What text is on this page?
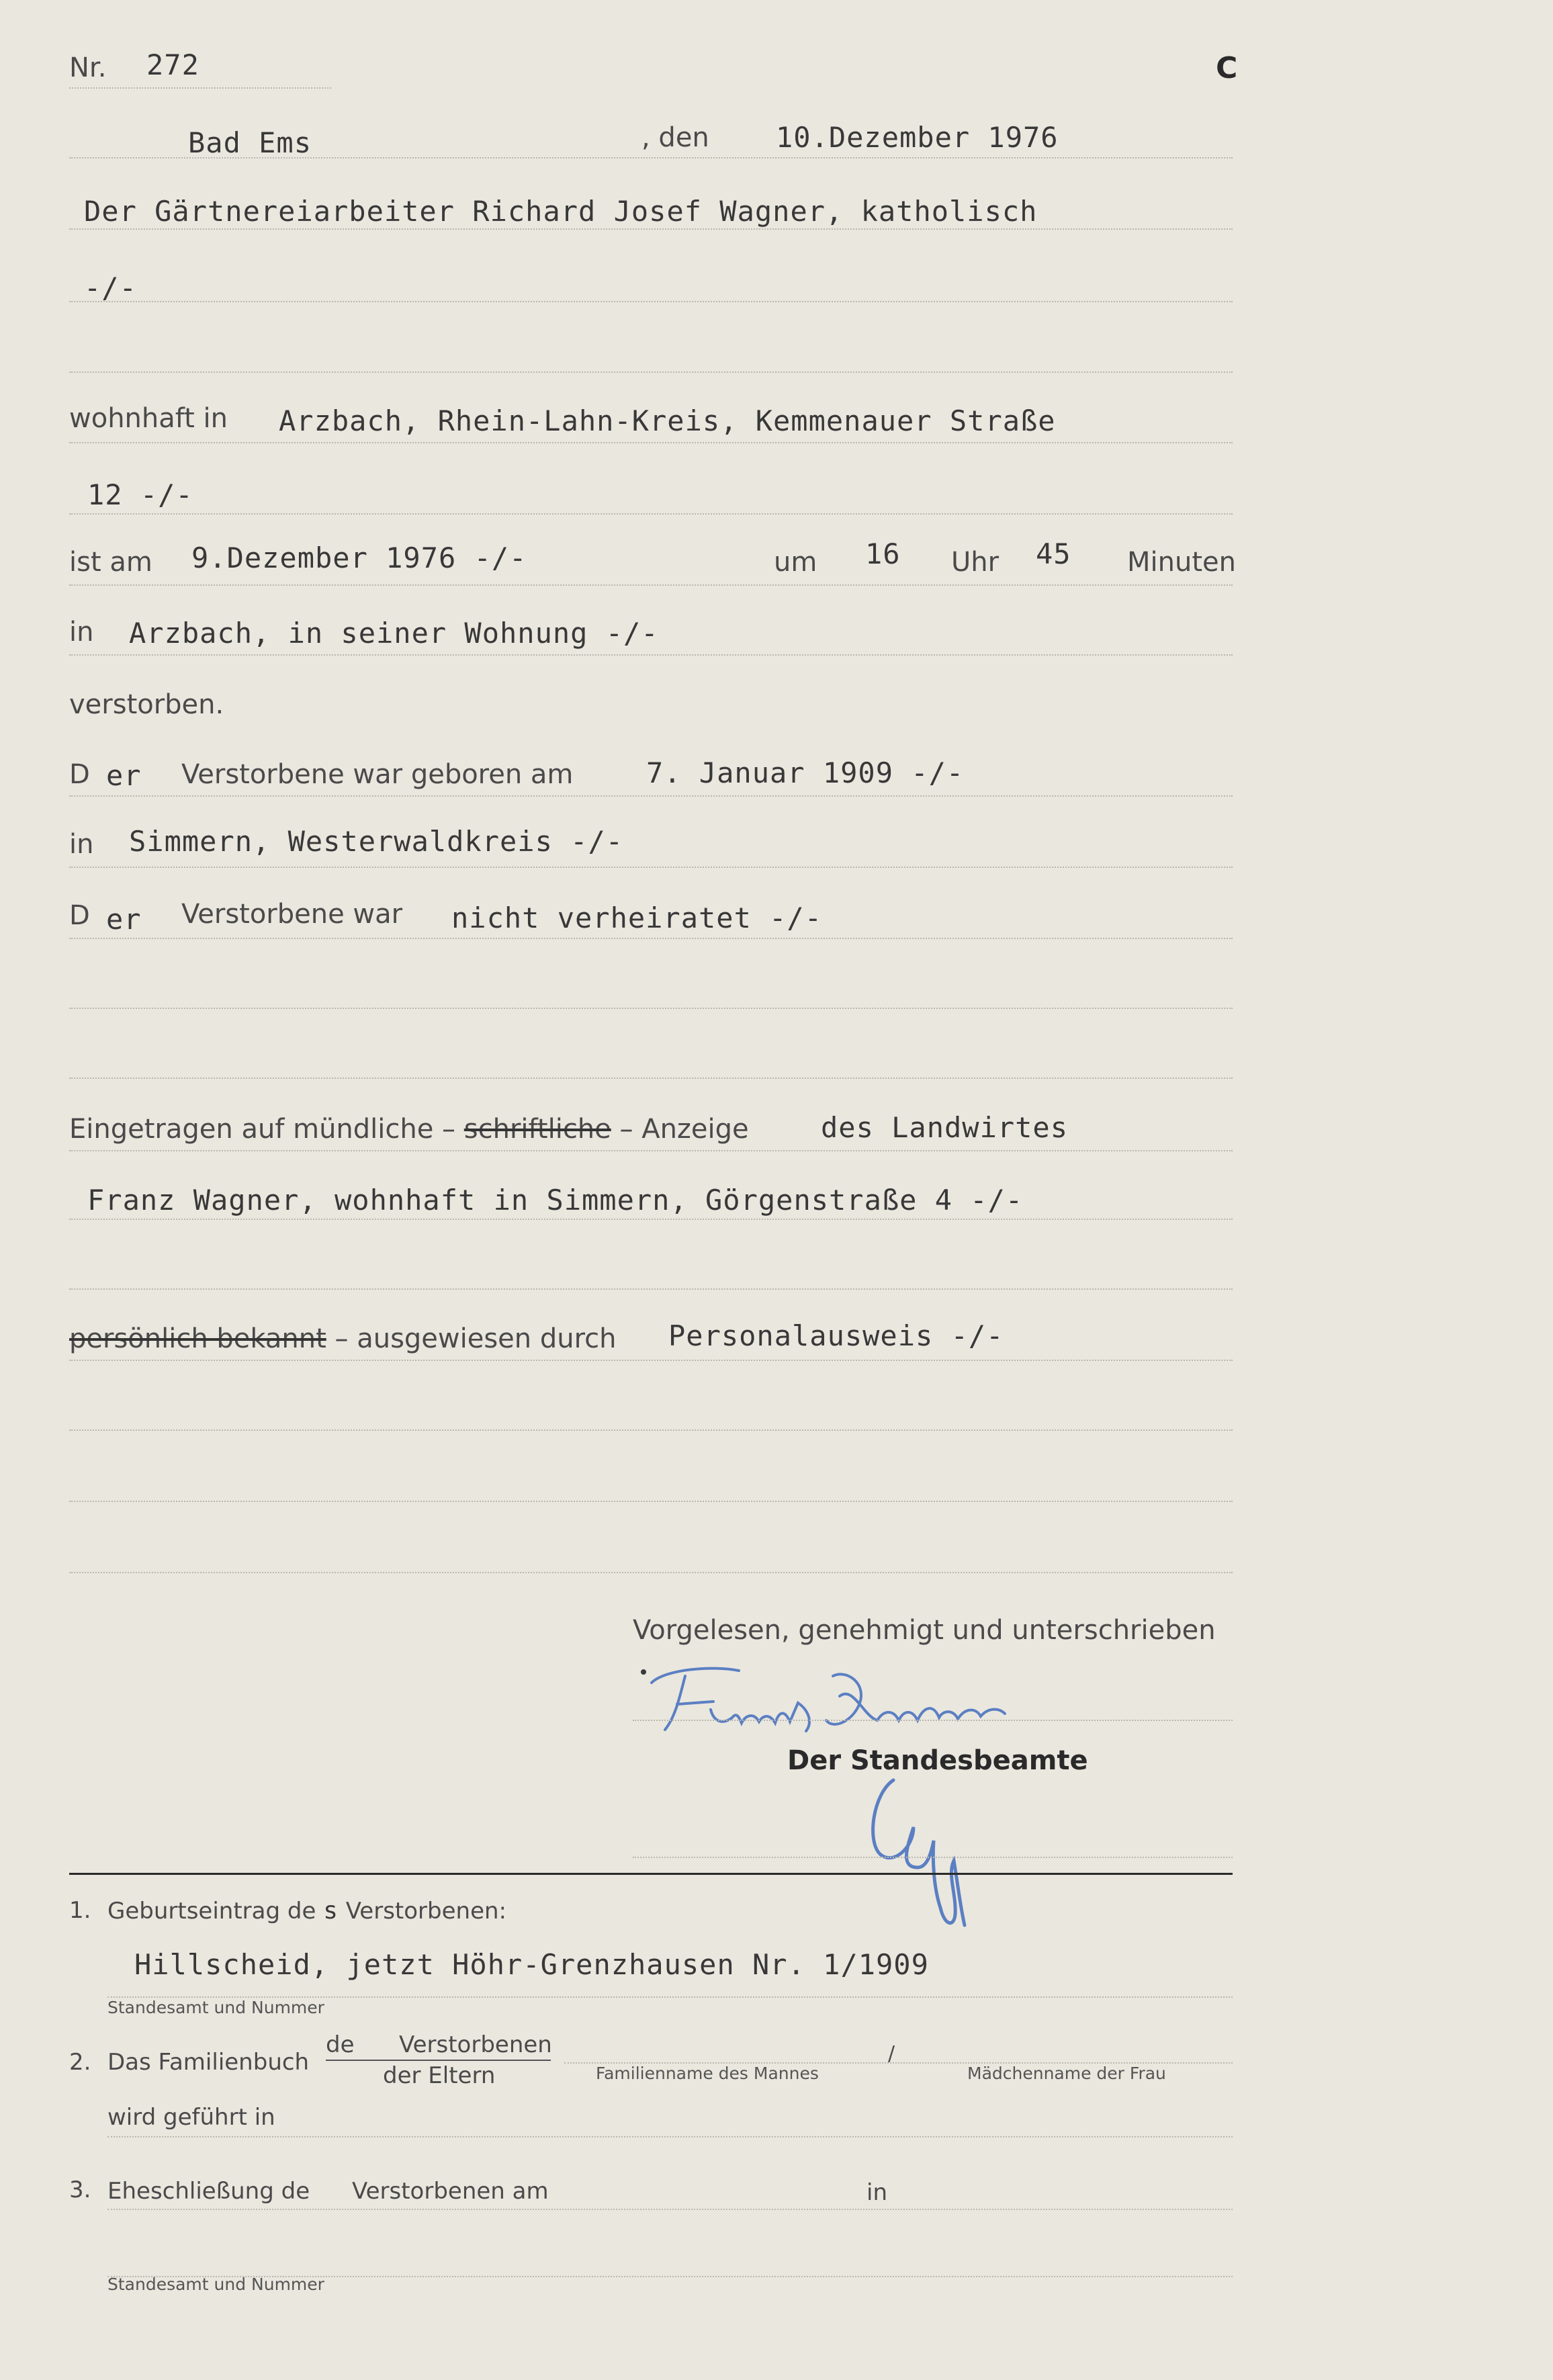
Nr. 272	C
Bad Ems	, den 10.Dezember 1976
Der Gärtnereiarbeiter Richard Josef Wagner, katholisch
-/-
wohnhaft in Arzbach, Rhein-Lahn-Kreis, Kemmenauer Straße
12 -/-
ist am 9.Dezember 1976 -/-	um 16 Uhr 45 Minuten
in Arzbach, in seiner Wohnung -/-
verstorben.
D er Verstorbene war geboren am	7. Januar 1909 -/-
in Simmern, Westerwaldkreis -/-
D er Verstorbene war nicht verheiratet -/-
Eingetragen auf mündliche – schriftliche – Anzeige	des Landwirtes
Franz Wagner, wohnhaft in Simmern, Görgenstraße 4 -/-
persönlich bekannt – ausgewiesen durch Personalausweis -/-
Vorgelesen, genehmigt und unterschrieben
Der Standesbeamte
1. Geburtseintrag de s Verstorbenen:
Hillscheid, jetzt Höhr-Grenzhausen Nr. 1/1909
Standesamt und Nummer
2. Das Familienbuch
de Verstorbenen
der Eltern	Familienname des Mannes
/
Mädchenname der Frau
wird geführt in
3. Eheschließung de Verstorbenen am	in
Standesamt und Nummer
